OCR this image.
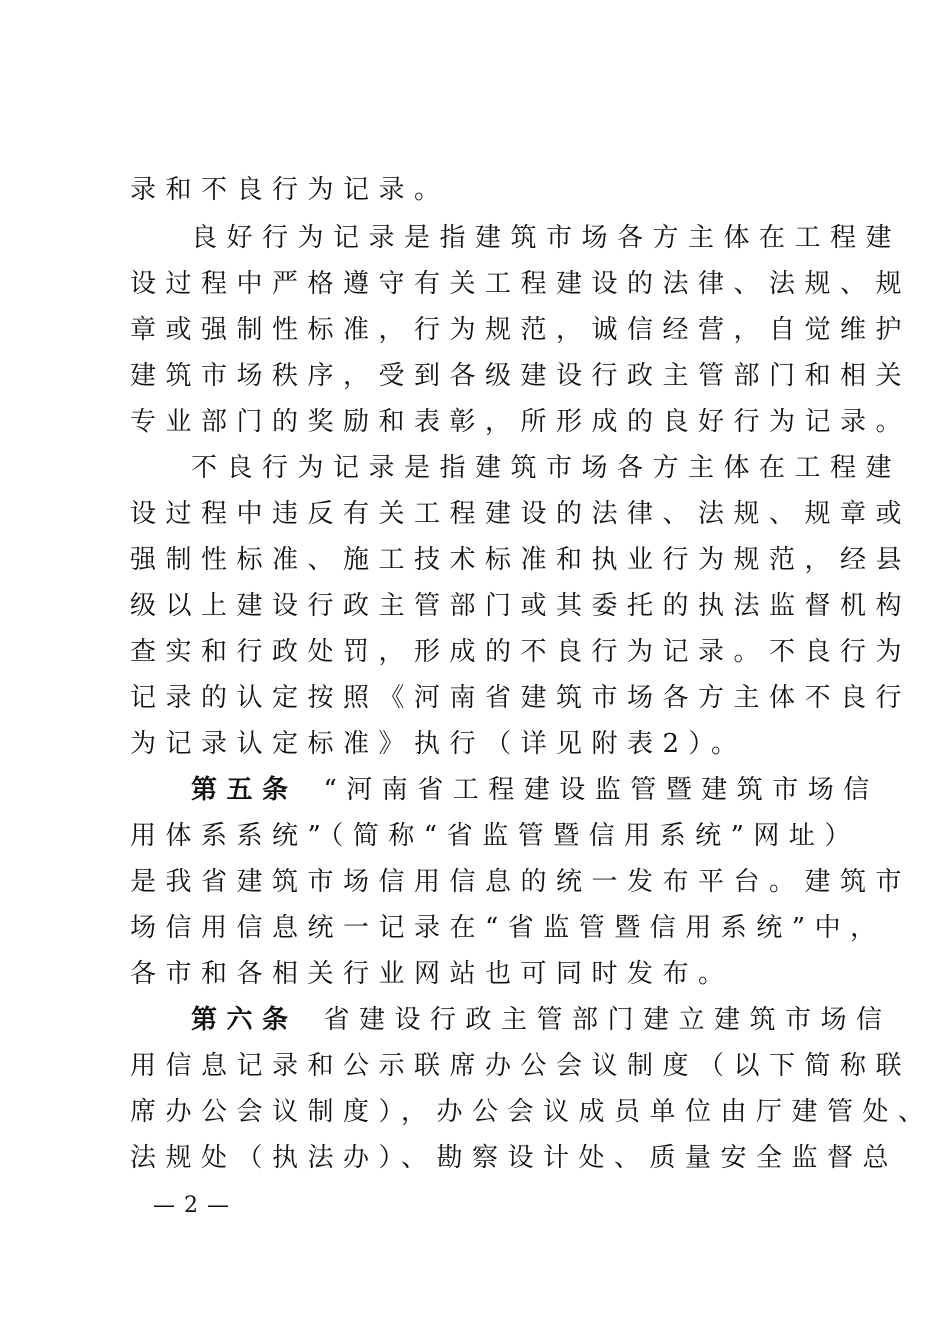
录和不良行为记录。
良好行为记录是指建筑市场各方主体在工程建
设过程中严格遵守有关工程建设的法律、法规、规
章或强制性标准，行为规范，诚信经营，自觉维护
建筑市场秩序，受到各级建设行政主管部门和相关
专业部门的奖励和表彰，所形成的良好行为记录。
不良行为记录是指建筑市场各方主体在工程建
设过程中违反有关工程建设的法律、法规、规章或
强制性标准、施工技术标准和执业行为规范，经县
级以上建设行政主管部门或其委托的执法监督机构
查实和行政处罚，形成的不良行为记录。不良行为
记录的认定按照《河南省建筑市场各方主体不良行
为记录认定标准》执行（详见附表2）。
第五条 “河南省工程建设监管暨建筑市场信
用体系系统”（简称“省监管暨信用系统”网址）
是我省建筑市场信用信息的统一发布平台。建筑市
场信用信息统一记录在“省监管暨信用系统”中，
各市和各相关行业网站也可同时发布。
第六条 省建设行政主管部门建立建筑市场信
用信息记录和公示联席办公会议制度（以下简称联
席办公会议制度），办公会议成员单位由厅建管处、
法规处（执法办）、勘察设计处、质量安全监督总
— 2 —
